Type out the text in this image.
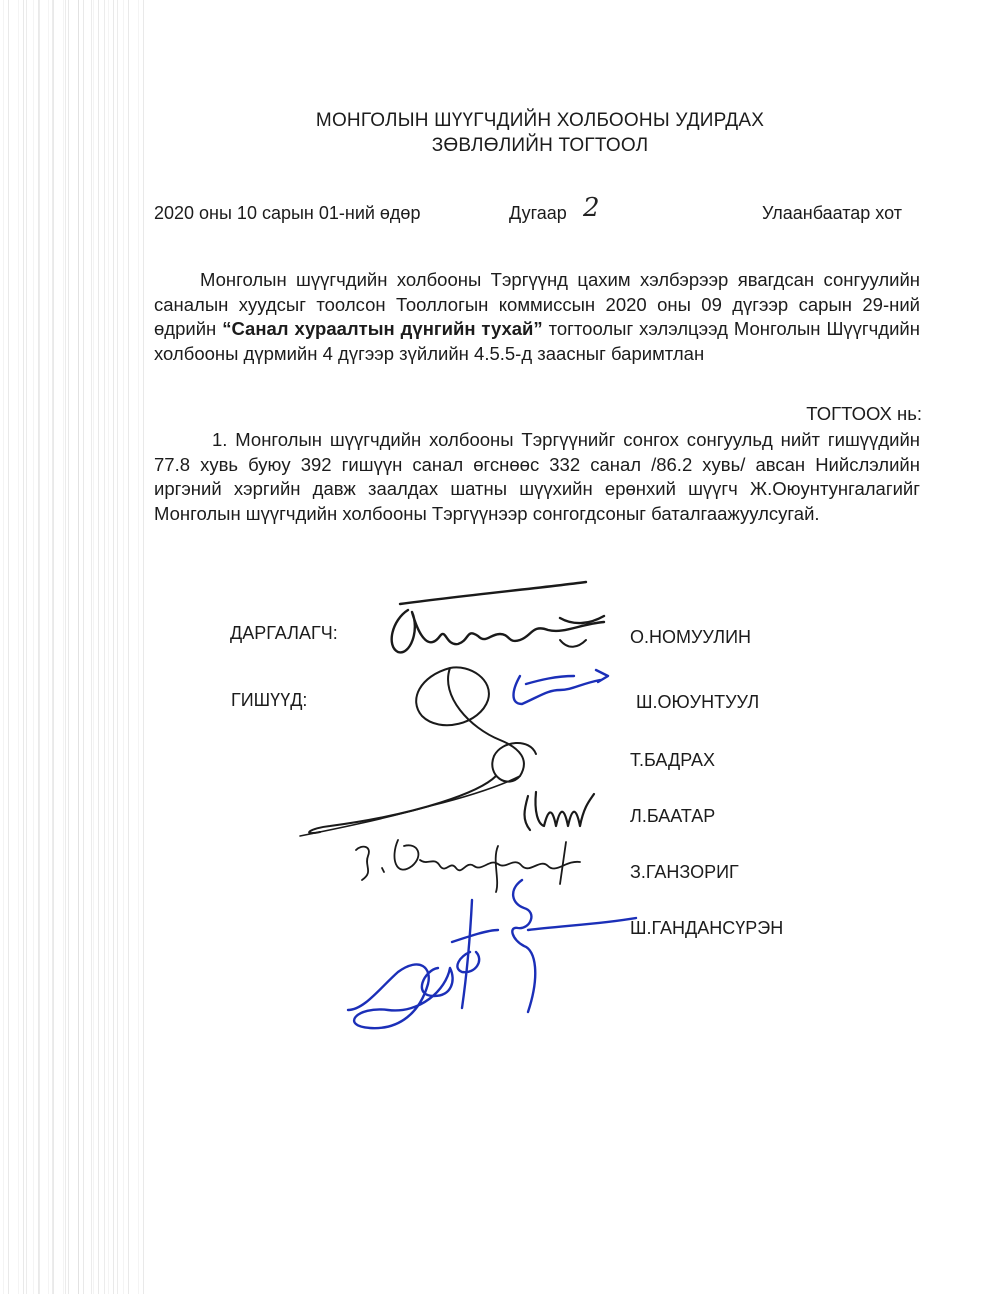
МОНГОЛЫН ШҮҮГЧДИЙН ХОЛБООНЫ УДИРДАХ
ЗӨВЛӨЛИЙН ТОГТООЛ
2020 оны 10 сарын 01-ний өдөр	Дугаар 2	Улаанбаатар хот
Монголын шүүгчдийн холбооны Тэргүүнд цахим хэлбэрээр явагдсан сонгуулийн саналын хуудсыг тоолсон Тооллогын коммиссын 2020 оны 09 дүгээр сарын 29-ний өдрийн “Санал хураалтын дүнгийн тухай” тогтоолыг хэлэлцээд Монголын Шүүгчдийн холбооны дүрмийн 4 дүгээр зүйлийн 4.5.5-д заасныг баримтлан
ТОГТООХ нь:
1. Монголын шүүгчдийн холбооны Тэргүүнийг сонгох сонгуульд нийт гишүүдийн 77.8 хувь буюу 392 гишүүн санал өгснөөс 332 санал /86.2 хувь/ авсан Нийслэлийн иргэний хэргийн давж заалдах шатны шүүхийн ерөнхий шүүгч Ж.Оюунтунгалагийг Монголын шүүгчдийн холбооны Тэргүүнээр сонгогдсоныг баталгаажуулсугай.
ДАРГАЛАГЧ:
ГИШҮҮД:
О.НОМУУЛИН
Ш.ОЮУНТУУЛ
Т.БАДРАХ
Л.БААТАР
З.ГАНЗОРИГ
Ш.ГАНДАНСҮРЭН
